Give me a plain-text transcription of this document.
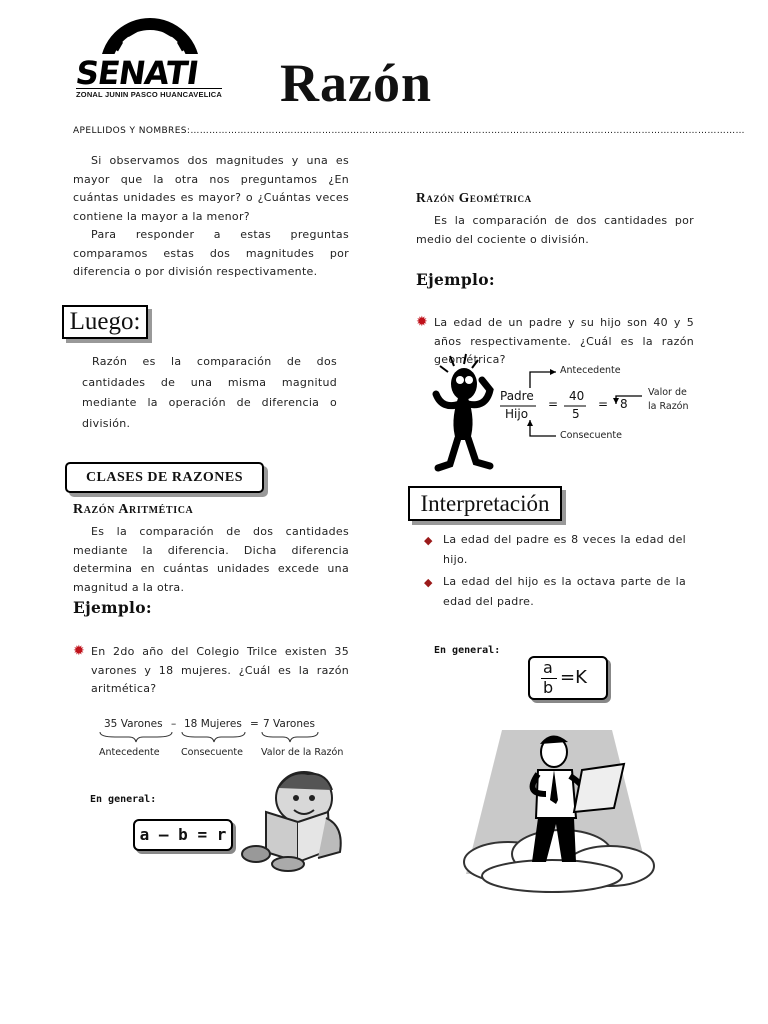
SENATI
ZONAL JUNIN PASCO HUANCAVELICA Razón
APELLIDOS Y NOMBRES:……………………………………………………………………………………………………………………………………………………………
Si observamos dos magnitudes y una es mayor que la otra nos preguntamos ¿En cuántas unidades es mayor? o ¿Cuántas veces contiene la mayor a la menor?
Para responder a estas preguntas comparamos estas dos magnitudes por diferencia o por división respectivamente.
Luego:
Razón es la comparación de dos cantidades de una misma magnitud mediante la operación de diferencia o división.
CLASES DE RAZONES
Razón Aritmética
Es la comparación de dos cantidades mediante la diferencia. Dicha diferencia determina en cuántas unidades excede una magnitud a la otra.
Ejemplo:
✹ En 2do año del Colegio Trilce existen 35 varones y 18 mujeres. ¿Cuál es la razón aritmética?
35 Varones – 18 Mujeres = 7 Varones
Antecedente Consecuente Valor de la Razón
En general:
a – b = r
Razón Geométrica
Es la comparación de dos cantidades por medio del cociente o división.
Ejemplo:
✹ La edad de un padre y su hijo son 40 y 5 años respectivamente. ¿Cuál es la razón geométrica?
Antecedente
Consecuente
Padre
Hijo
=
40
5
= 8
Valor de
la Razón
Interpretación
◆ La edad del padre es 8 veces la edad del hijo.
◆ La edad del hijo es la octava parte de la edad del padre.
En general:
a
b =K
